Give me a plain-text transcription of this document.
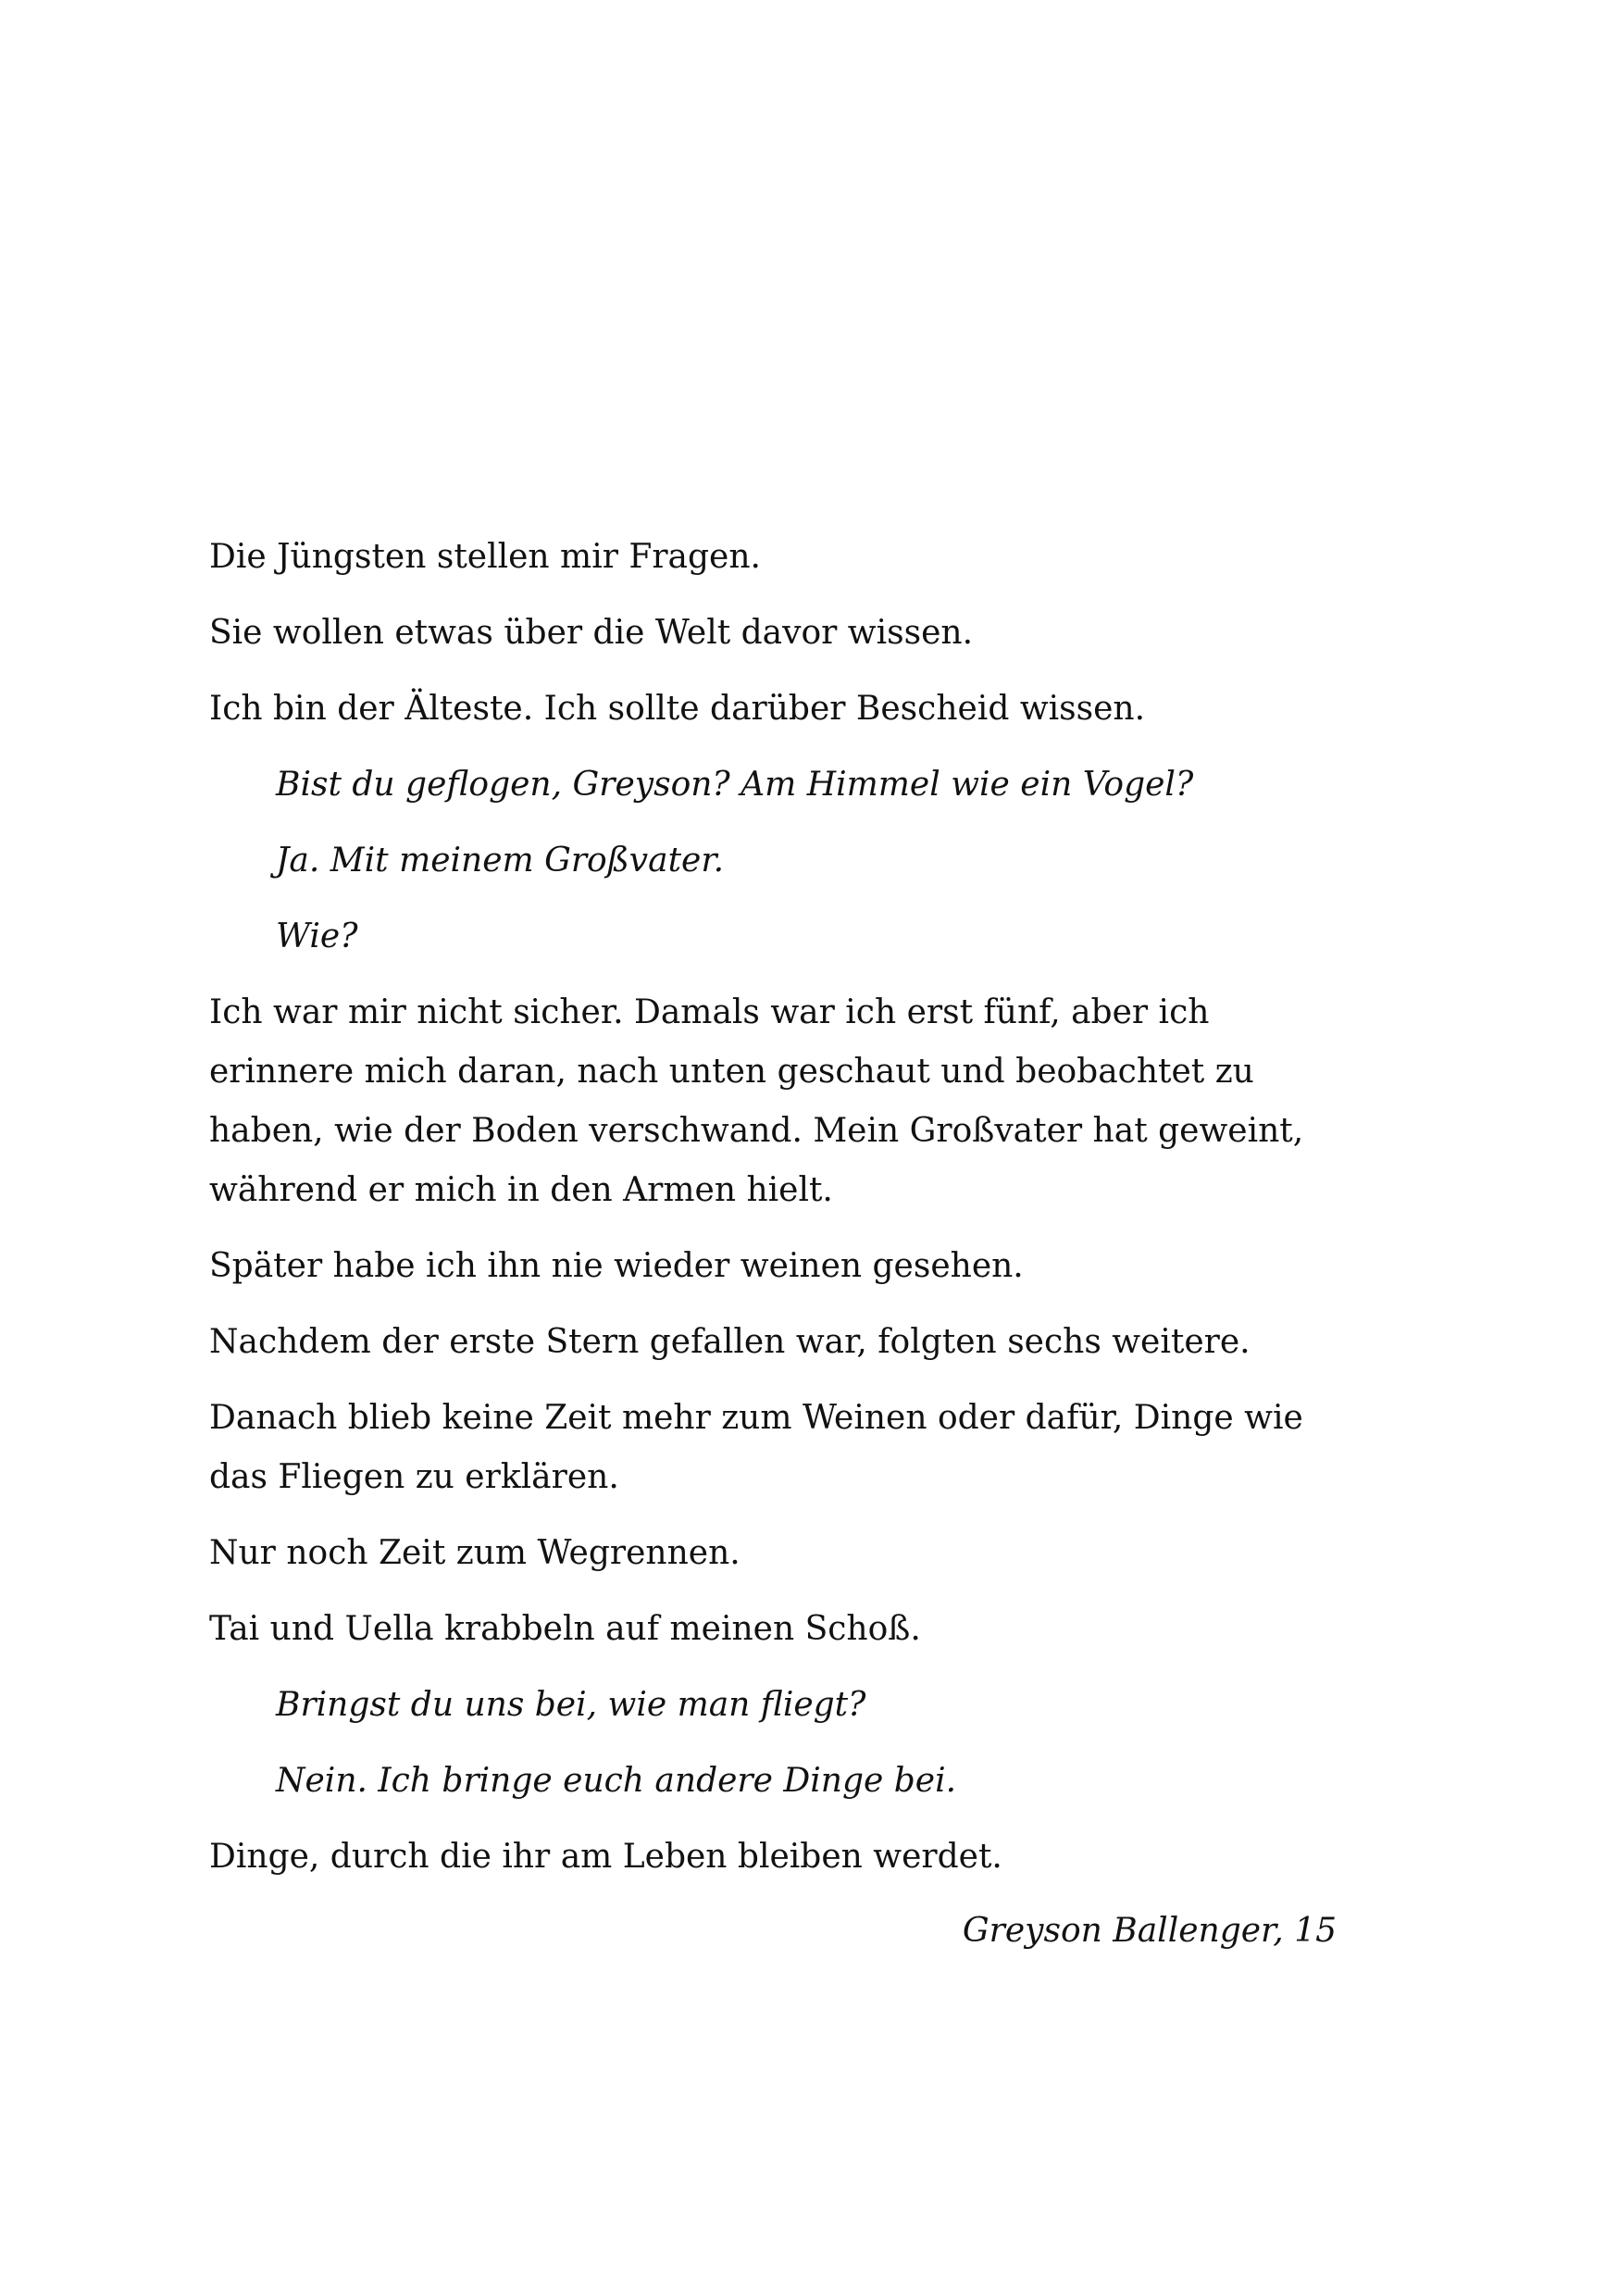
Die Jüngsten stellen mir Fragen.

Sie wollen etwas über die Welt davor wissen.

Ich bin der Älteste. Ich sollte darüber Bescheid wissen.

Bist du geflogen, Greyson? Am Himmel wie ein Vogel?

Ja. Mit meinem Großvater.

Wie?

Ich war mir nicht sicher. Damals war ich erst fünf, aber ich erinnere mich daran, nach unten geschaut und beobachtet zu haben, wie der Boden verschwand. Mein Großvater hat geweint, während er mich in den Armen hielt.

Später habe ich ihn nie wieder weinen gesehen.

Nachdem der erste Stern gefallen war, folgten sechs weitere.

Danach blieb keine Zeit mehr zum Weinen oder dafür, Dinge wie das Fliegen zu erklären.

Nur noch Zeit zum Wegrennen.

Tai und Uella krabbeln auf meinen Schoß.

Bringst du uns bei, wie man fliegt?

Nein. Ich bringe euch andere Dinge bei.

Dinge, durch die ihr am Leben bleiben werdet.

Greyson Ballenger, 15
